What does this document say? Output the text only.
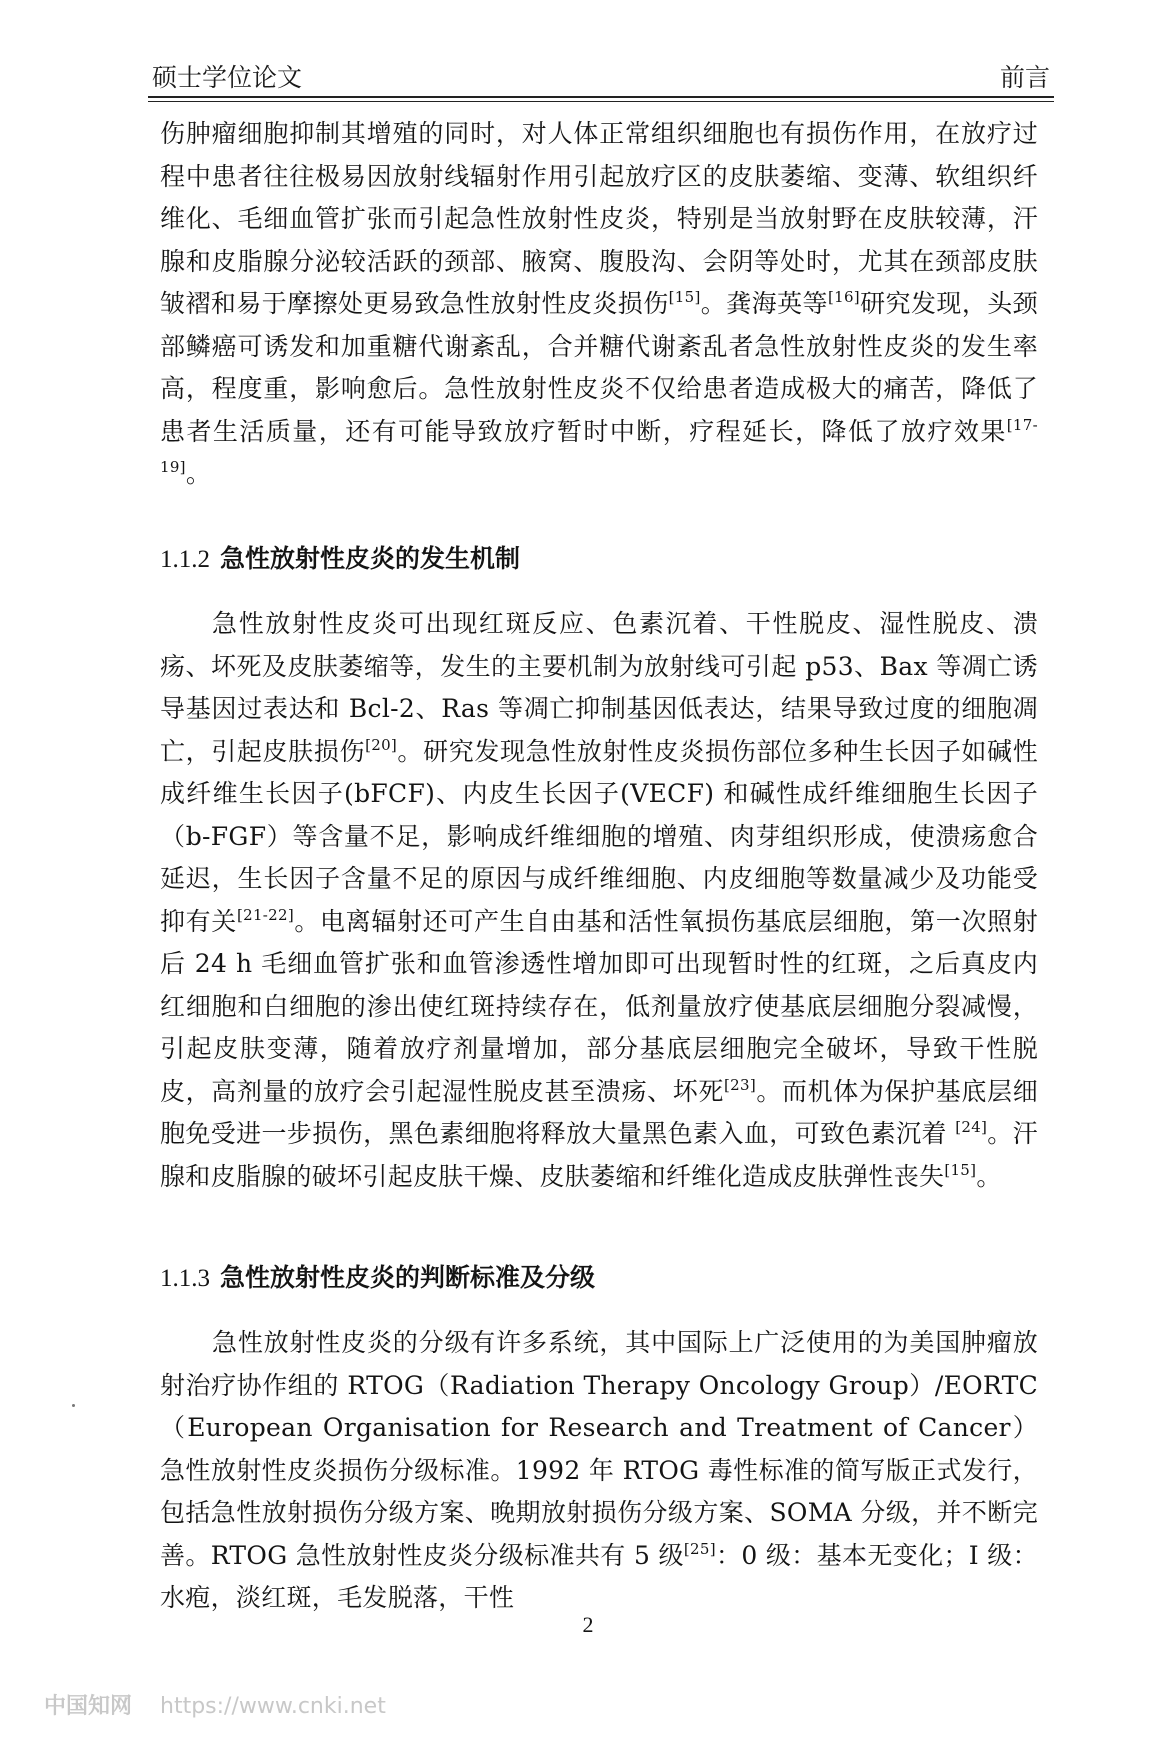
硕士学位论文	前言

伤肿瘤细胞抑制其增殖的同时，对人体正常组织细胞也有损伤作用，在放疗过程中患者往往极易因放射线辐射作用引起放疗区的皮肤萎缩、变薄、软组织纤维化、毛细血管扩张而引起急性放射性皮炎，特别是当放射野在皮肤较薄，汗腺和皮脂腺分泌较活跃的颈部、腋窝、腹股沟、会阴等处时，尤其在颈部皮肤皱褶和易于摩擦处更易致急性放射性皮炎损伤[15]。龚海英等[16]研究发现，头颈部鳞癌可诱发和加重糖代谢紊乱，合并糖代谢紊乱者急性放射性皮炎的发生率高，程度重，影响愈后。急性放射性皮炎不仅给患者造成极大的痛苦，降低了患者生活质量，还有可能导致放疗暂时中断，疗程延长，降低了放疗效果[17-19]。

1.1.2 急性放射性皮炎的发生机制

急性放射性皮炎可出现红斑反应、色素沉着、干性脱皮、湿性脱皮、溃疡、坏死及皮肤萎缩等，发生的主要机制为放射线可引起 p53、Bax 等凋亡诱导基因过表达和 Bcl-2、Ras 等凋亡抑制基因低表达，结果导致过度的细胞凋亡，引起皮肤损伤[20]。研究发现急性放射性皮炎损伤部位多种生长因子如碱性成纤维生长因子(bFCF)、内皮生长因子(VECF) 和碱性成纤维细胞生长因子（b-FGF）等含量不足，影响成纤维细胞的增殖、肉芽组织形成，使溃疡愈合延迟，生长因子含量不足的原因与成纤维细胞、内皮细胞等数量减少及功能受抑有关[21-22]。电离辐射还可产生自由基和活性氧损伤基底层细胞，第一次照射后 24 h 毛细血管扩张和血管渗透性增加即可出现暂时性的红斑，之后真皮内红细胞和白细胞的渗出使红斑持续存在，低剂量放疗使基底层细胞分裂减慢，引起皮肤变薄，随着放疗剂量增加，部分基底层细胞完全破坏，导致干性脱皮，高剂量的放疗会引起湿性脱皮甚至溃疡、坏死[23]。而机体为保护基底层细胞免受进一步损伤，黑色素细胞将释放大量黑色素入血，可致色素沉着 [24]。汗腺和皮脂腺的破坏引起皮肤干燥、皮肤萎缩和纤维化造成皮肤弹性丧失[15]。

1.1.3 急性放射性皮炎的判断标准及分级

急性放射性皮炎的分级有许多系统，其中国际上广泛使用的为美国肿瘤放射治疗协作组的 RTOG（Radiation Therapy Oncology Group）/EORTC（European Organisation for Research and Treatment of Cancer）急性放射性皮炎损伤分级标准。1992 年 RTOG 毒性标准的简写版正式发行，包括急性放射损伤分级方案、晚期放射损伤分级方案、SOMA 分级，并不断完善。RTOG 急性放射性皮炎分级标准共有 5 级[25]：0 级：基本无变化；I 级：水疱，淡红斑，毛发脱落，干性

2
中国知网 https://www.cnki.net
